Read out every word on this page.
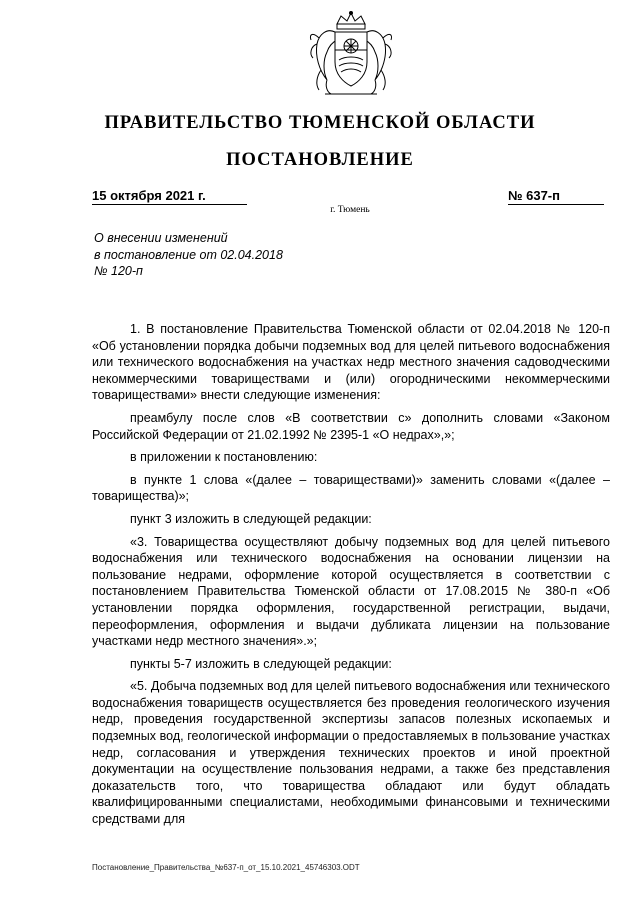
ПРАВИТЕЛЬСТВО ТЮМЕНСКОЙ ОБЛАСТИ
ПОСТАНОВЛЕНИЕ
15 октября 2021 г.	№ 637-п
г. Тюмень
О внесении изменений
в постановление от 02.04.2018
№ 120-п

1. В постановление Правительства Тюменской области от 02.04.2018 № 120-п «Об установлении порядка добычи подземных вод для целей питьевого водоснабжения или технического водоснабжения на участках недр местного значения садоводческими некоммерческими товариществами и (или) огородническими некоммерческими товариществами» внести следующие изменения:

преамбулу после слов «В соответствии с» дополнить словами «Законом Российской Федерации от 21.02.1992 № 2395-1 «О недрах»,»;

в приложении к постановлению:

в пункте 1 слова «(далее – товариществами)» заменить словами «(далее – товарищества)»;

пункт 3 изложить в следующей редакции:

«3. Товарищества осуществляют добычу подземных вод для целей питьевого водоснабжения или технического водоснабжения на основании лицензии на пользование недрами, оформление которой осуществляется в соответствии с постановлением Правительства Тюменской области от 17.08.2015 № 380-п «Об установлении порядка оформления, государственной регистрации, выдачи, переоформления, оформления и выдачи дубликата лицензии на пользование участками недр местного значения».»;

пункты 5-7 изложить в следующей редакции:

«5. Добыча подземных вод для целей питьевого водоснабжения или технического водоснабжения товариществ осуществляется без проведения геологического изучения недр, проведения государственной экспертизы запасов полезных ископаемых и подземных вод, геологической информации о предоставляемых в пользование участках недр, согласования и утверждения технических проектов и иной проектной документации на осуществление пользования недрами, а также без представления доказательств того, что товарищества обладают или будут обладать квалифицированными специалистами, необходимыми финансовыми и техническими средствами для

Постановление_Правительства_№637-п_от_15.10.2021_45746303.ODT
